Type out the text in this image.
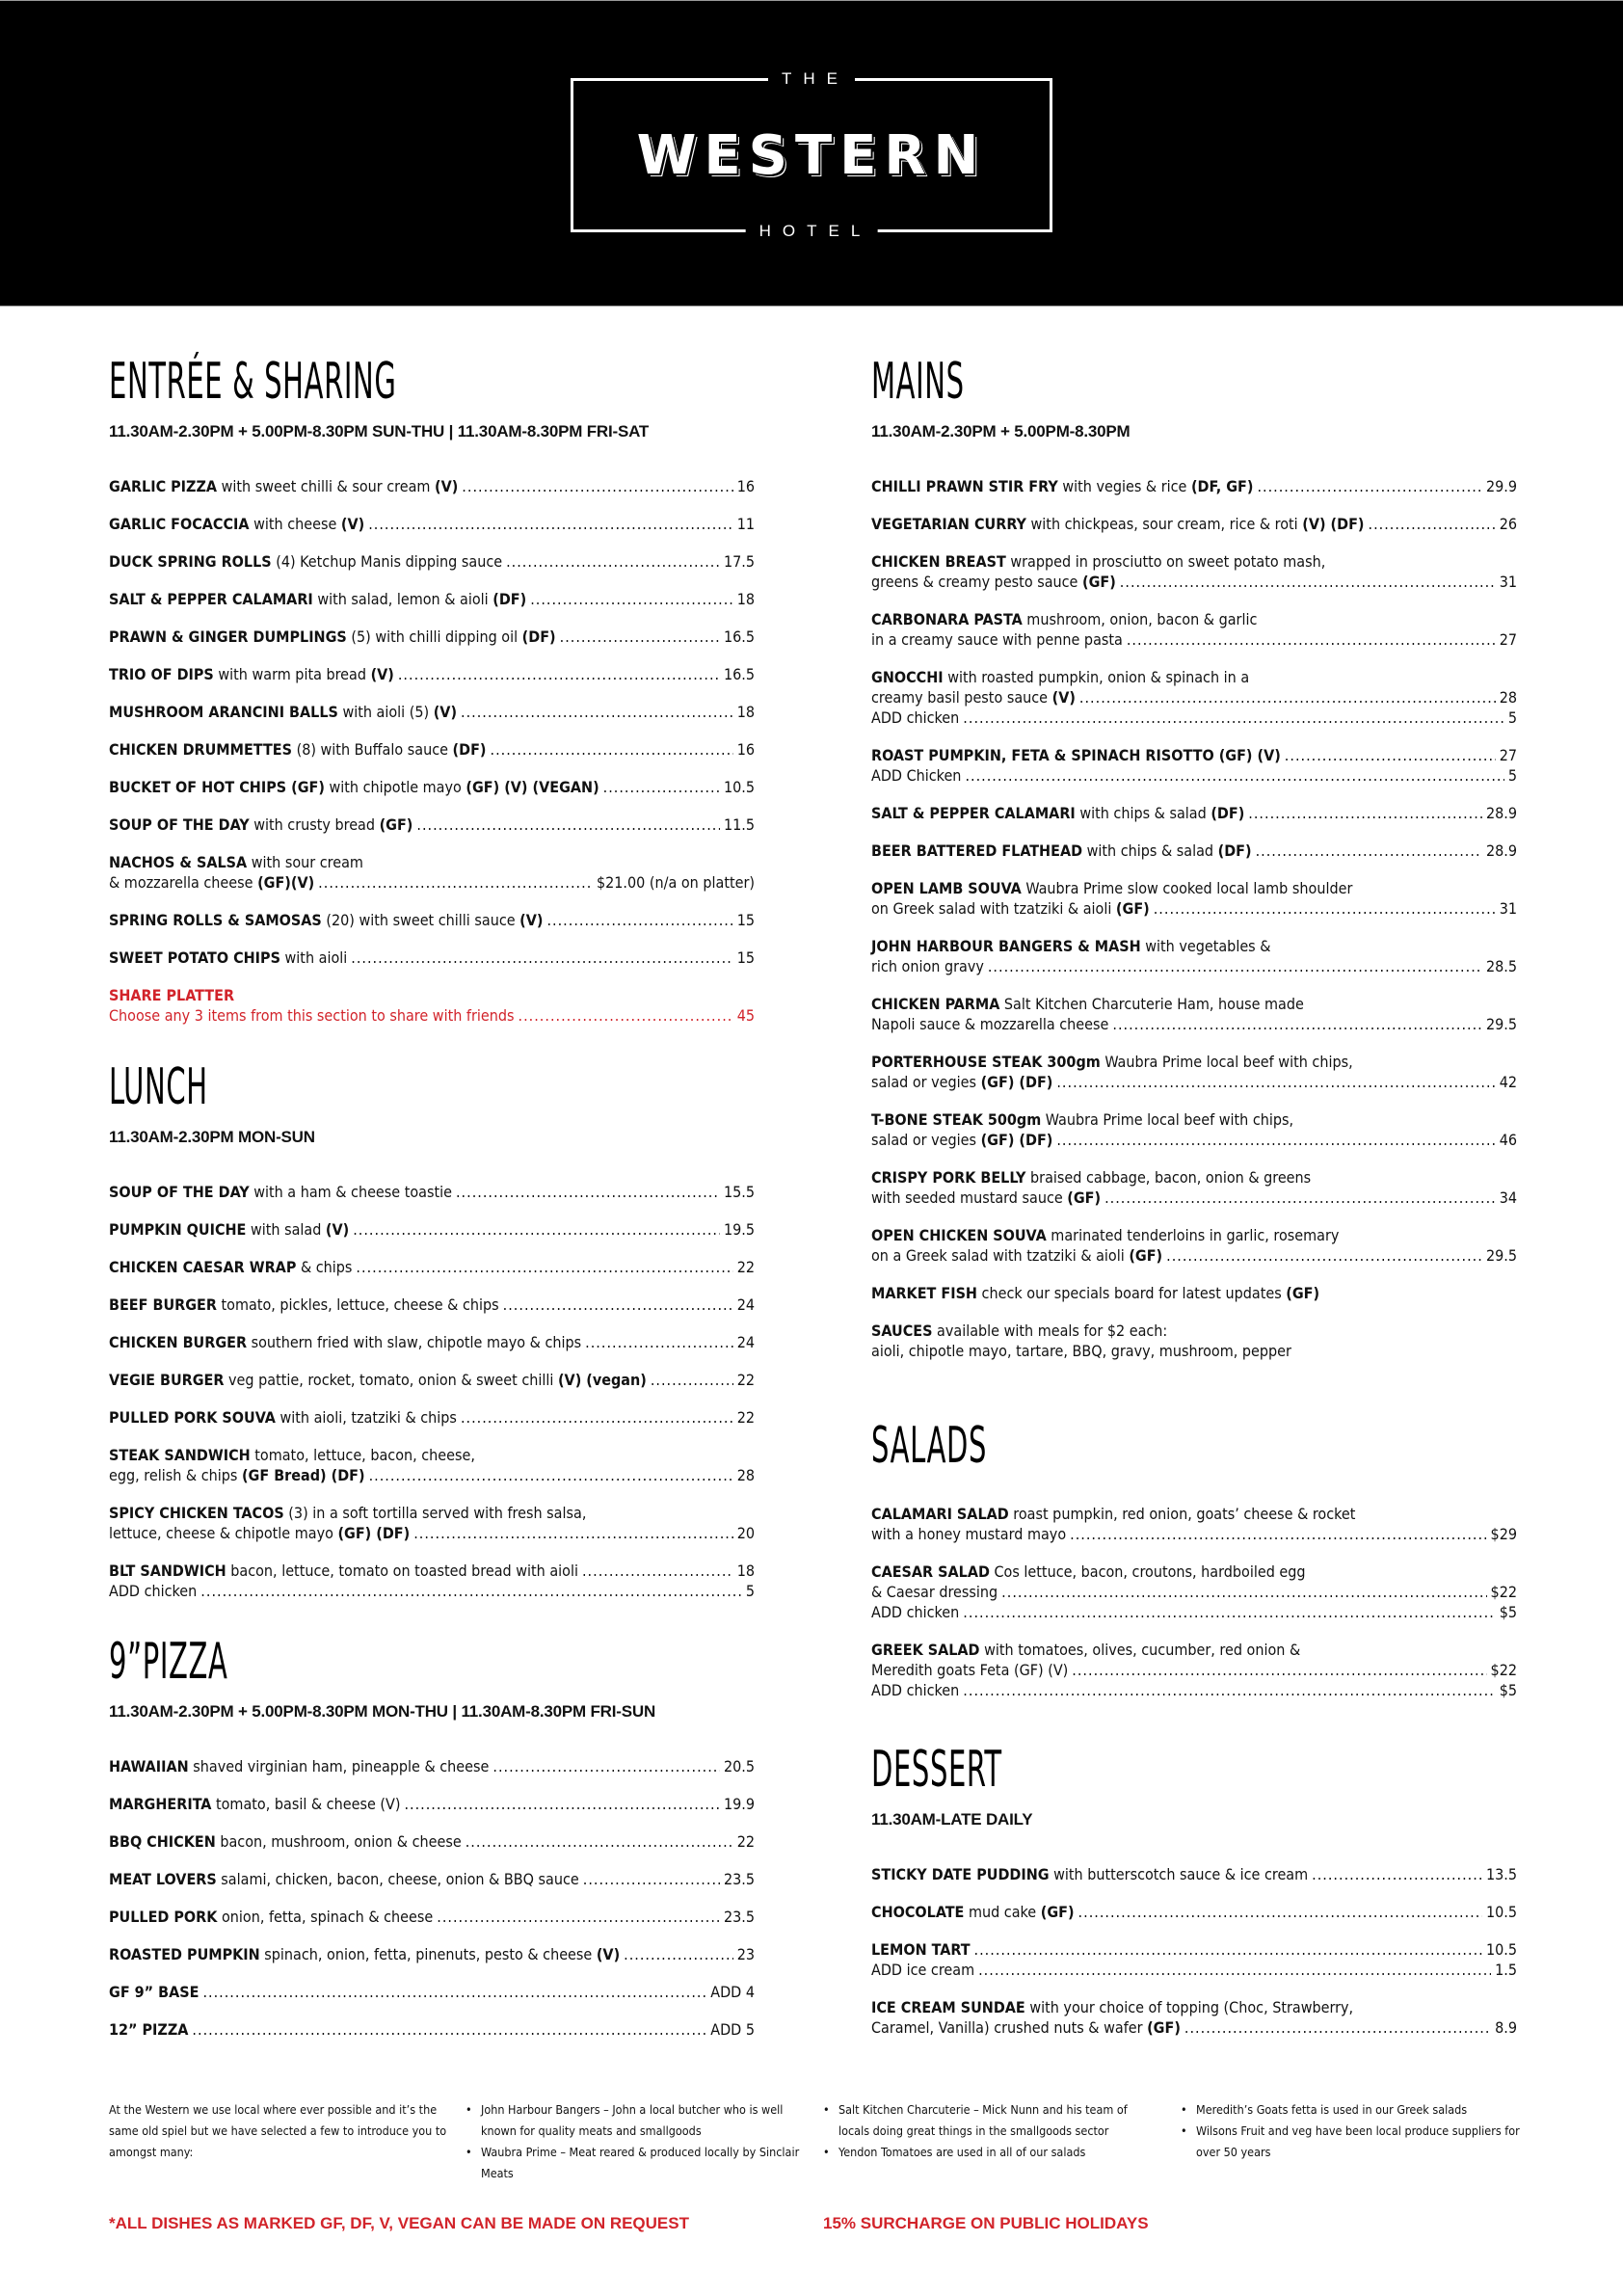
THE
WESTERN
HOTEL
ENTRÉE & SHARING
11.30AM-2.30PM + 5.00PM-8.30PM SUN-THU | 11.30AM-8.30PM FRI-SAT
GARLIC PIZZA with sweet chilli & sour cream (V) .....	16
GARLIC FOCACCIA with cheese (V) .....	11
DUCK SPRING ROLLS (4) Ketchup Manis dipping sauce .....	17.5
SALT & PEPPER CALAMARI with salad, lemon & aioli (DF) .....	18
PRAWN & GINGER DUMPLINGS (5) with chilli dipping oil (DF) .....	16.5
TRIO OF DIPS with warm pita bread (V) .....	16.5
MUSHROOM ARANCINI BALLS with aioli (5) (V) .....	18
CHICKEN DRUMMETTES (8) with Buffalo sauce (DF) .....	16
BUCKET OF HOT CHIPS (GF) with chipotle mayo (GF) (V) (VEGAN) .....	10.5
SOUP OF THE DAY with crusty bread (GF) .....	11.5
NACHOS & SALSA with sour cream
& mozzarella cheese (GF)(V) .....	$21.00 (n/a on platter)
SPRING ROLLS & SAMOSAS (20) with sweet chilli sauce (V) .....	15
SWEET POTATO CHIPS with aioli .....	15
SHARE PLATTER
Choose any 3 items from this section to share with friends .....	45
LUNCH
11.30AM-2.30PM MON-SUN
SOUP OF THE DAY with a ham & cheese toastie .....	15.5
PUMPKIN QUICHE with salad (V) .....	19.5
CHICKEN CAESAR WRAP & chips .....	22
BEEF BURGER tomato, pickles, lettuce, cheese & chips .....	24
CHICKEN BURGER southern fried with slaw, chipotle mayo & chips .....	24
VEGIE BURGER veg pattie, rocket, tomato, onion & sweet chilli (V) (vegan) .....	22
PULLED PORK SOUVA with aioli, tzatziki & chips .....	22
STEAK SANDWICH tomato, lettuce, bacon, cheese,
egg, relish & chips (GF Bread) (DF) .....	28
SPICY CHICKEN TACOS (3) in a soft tortilla served with fresh salsa,
lettuce, cheese & chipotle mayo (GF) (DF) .....	20
BLT SANDWICH bacon, lettuce, tomato on toasted bread with aioli .....	18
ADD chicken .....	5
9”PIZZA
11.30AM-2.30PM + 5.00PM-8.30PM MON-THU | 11.30AM-8.30PM FRI-SUN
HAWAIIAN shaved virginian ham, pineapple & cheese .....	20.5
MARGHERITA tomato, basil & cheese (V) .....	19.9
BBQ CHICKEN bacon, mushroom, onion & cheese .....	22
MEAT LOVERS salami, chicken, bacon, cheese, onion & BBQ sauce .....	23.5
PULLED PORK onion, fetta, spinach & cheese .....	23.5
ROASTED PUMPKIN spinach, onion, fetta, pinenuts, pesto & cheese (V) .....	23
GF 9” BASE .....	ADD 4
12” PIZZA .....	ADD 5
MAINS
11.30AM-2.30PM + 5.00PM-8.30PM
CHILLI PRAWN STIR FRY with vegies & rice (DF, GF) .....	29.9
VEGETARIAN CURRY with chickpeas, sour cream, rice & roti (V) (DF) .....	26
CHICKEN BREAST wrapped in prosciutto on sweet potato mash,
greens & creamy pesto sauce (GF) .....	31
CARBONARA PASTA mushroom, onion, bacon & garlic
in a creamy sauce with penne pasta .....	27
GNOCCHI with roasted pumpkin, onion & spinach in a
creamy basil pesto sauce (V) .....	28
ADD chicken .....	5
ROAST PUMPKIN, FETA & SPINACH RISOTTO (GF) (V) .....	27
ADD Chicken .....	5
SALT & PEPPER CALAMARI with chips & salad (DF) .....	28.9
BEER BATTERED FLATHEAD with chips & salad (DF) .....	28.9
OPEN LAMB SOUVA Waubra Prime slow cooked local lamb shoulder
on Greek salad with tzatziki & aioli (GF) .....	31
JOHN HARBOUR BANGERS & MASH with vegetables &
rich onion gravy .....	28.5
CHICKEN PARMA Salt Kitchen Charcuterie Ham, house made
Napoli sauce & mozzarella cheese .....	29.5
PORTERHOUSE STEAK 300gm Waubra Prime local beef with chips,
salad or vegies (GF) (DF) .....	42
T-BONE STEAK 500gm Waubra Prime local beef with chips,
salad or vegies (GF) (DF) .....	46
CRISPY PORK BELLY braised cabbage, bacon, onion & greens
with seeded mustard sauce (GF) .....	34
OPEN CHICKEN SOUVA marinated tenderloins in garlic, rosemary
on a Greek salad with tzatziki & aioli (GF) .....	29.5
MARKET FISH check our specials board for latest updates (GF)
SAUCES available with meals for $2 each:
aioli, chipotle mayo, tartare, BBQ, gravy, mushroom, pepper
SALADS
CALAMARI SALAD roast pumpkin, red onion, goats’ cheese & rocket
with a honey mustard mayo .....	$29
CAESAR SALAD Cos lettuce, bacon, croutons, hardboiled egg
& Caesar dressing .....	$22
ADD chicken .....	$5
GREEK SALAD with tomatoes, olives, cucumber, red onion &
Meredith goats Feta (GF) (V) .....	$22
ADD chicken .....	$5
DESSERT
11.30AM-LATE DAILY
STICKY DATE PUDDING with butterscotch sauce & ice cream .....	13.5
CHOCOLATE mud cake (GF) .....	10.5
LEMON TART .....	10.5
ADD ice cream .....	1.5
ICE CREAM SUNDAE with your choice of topping (Choc, Strawberry,
Caramel, Vanilla) crushed nuts & wafer (GF) .....	8.9

At the Western we use local where ever possible and it’s the same old spiel but we have selected a few to introduce you to amongst many:

• John Harbour Bangers – John a local butcher who is well known for quality meats and smallgoods
• Waubra Prime – Meat reared & produced locally by Sinclair Meats
• Salt Kitchen Charcuterie – Mick Nunn and his team of locals doing great things in the smallgoods sector
• Yendon Tomatoes are used in all of our salads
• Meredith’s Goats fetta is used in our Greek salads
• Wilsons Fruit and veg have been local produce suppliers for over 50 years
*ALL DISHES AS MARKED GF, DF, V, VEGAN CAN BE MADE ON REQUEST	15% SURCHARGE ON PUBLIC HOLIDAYS
